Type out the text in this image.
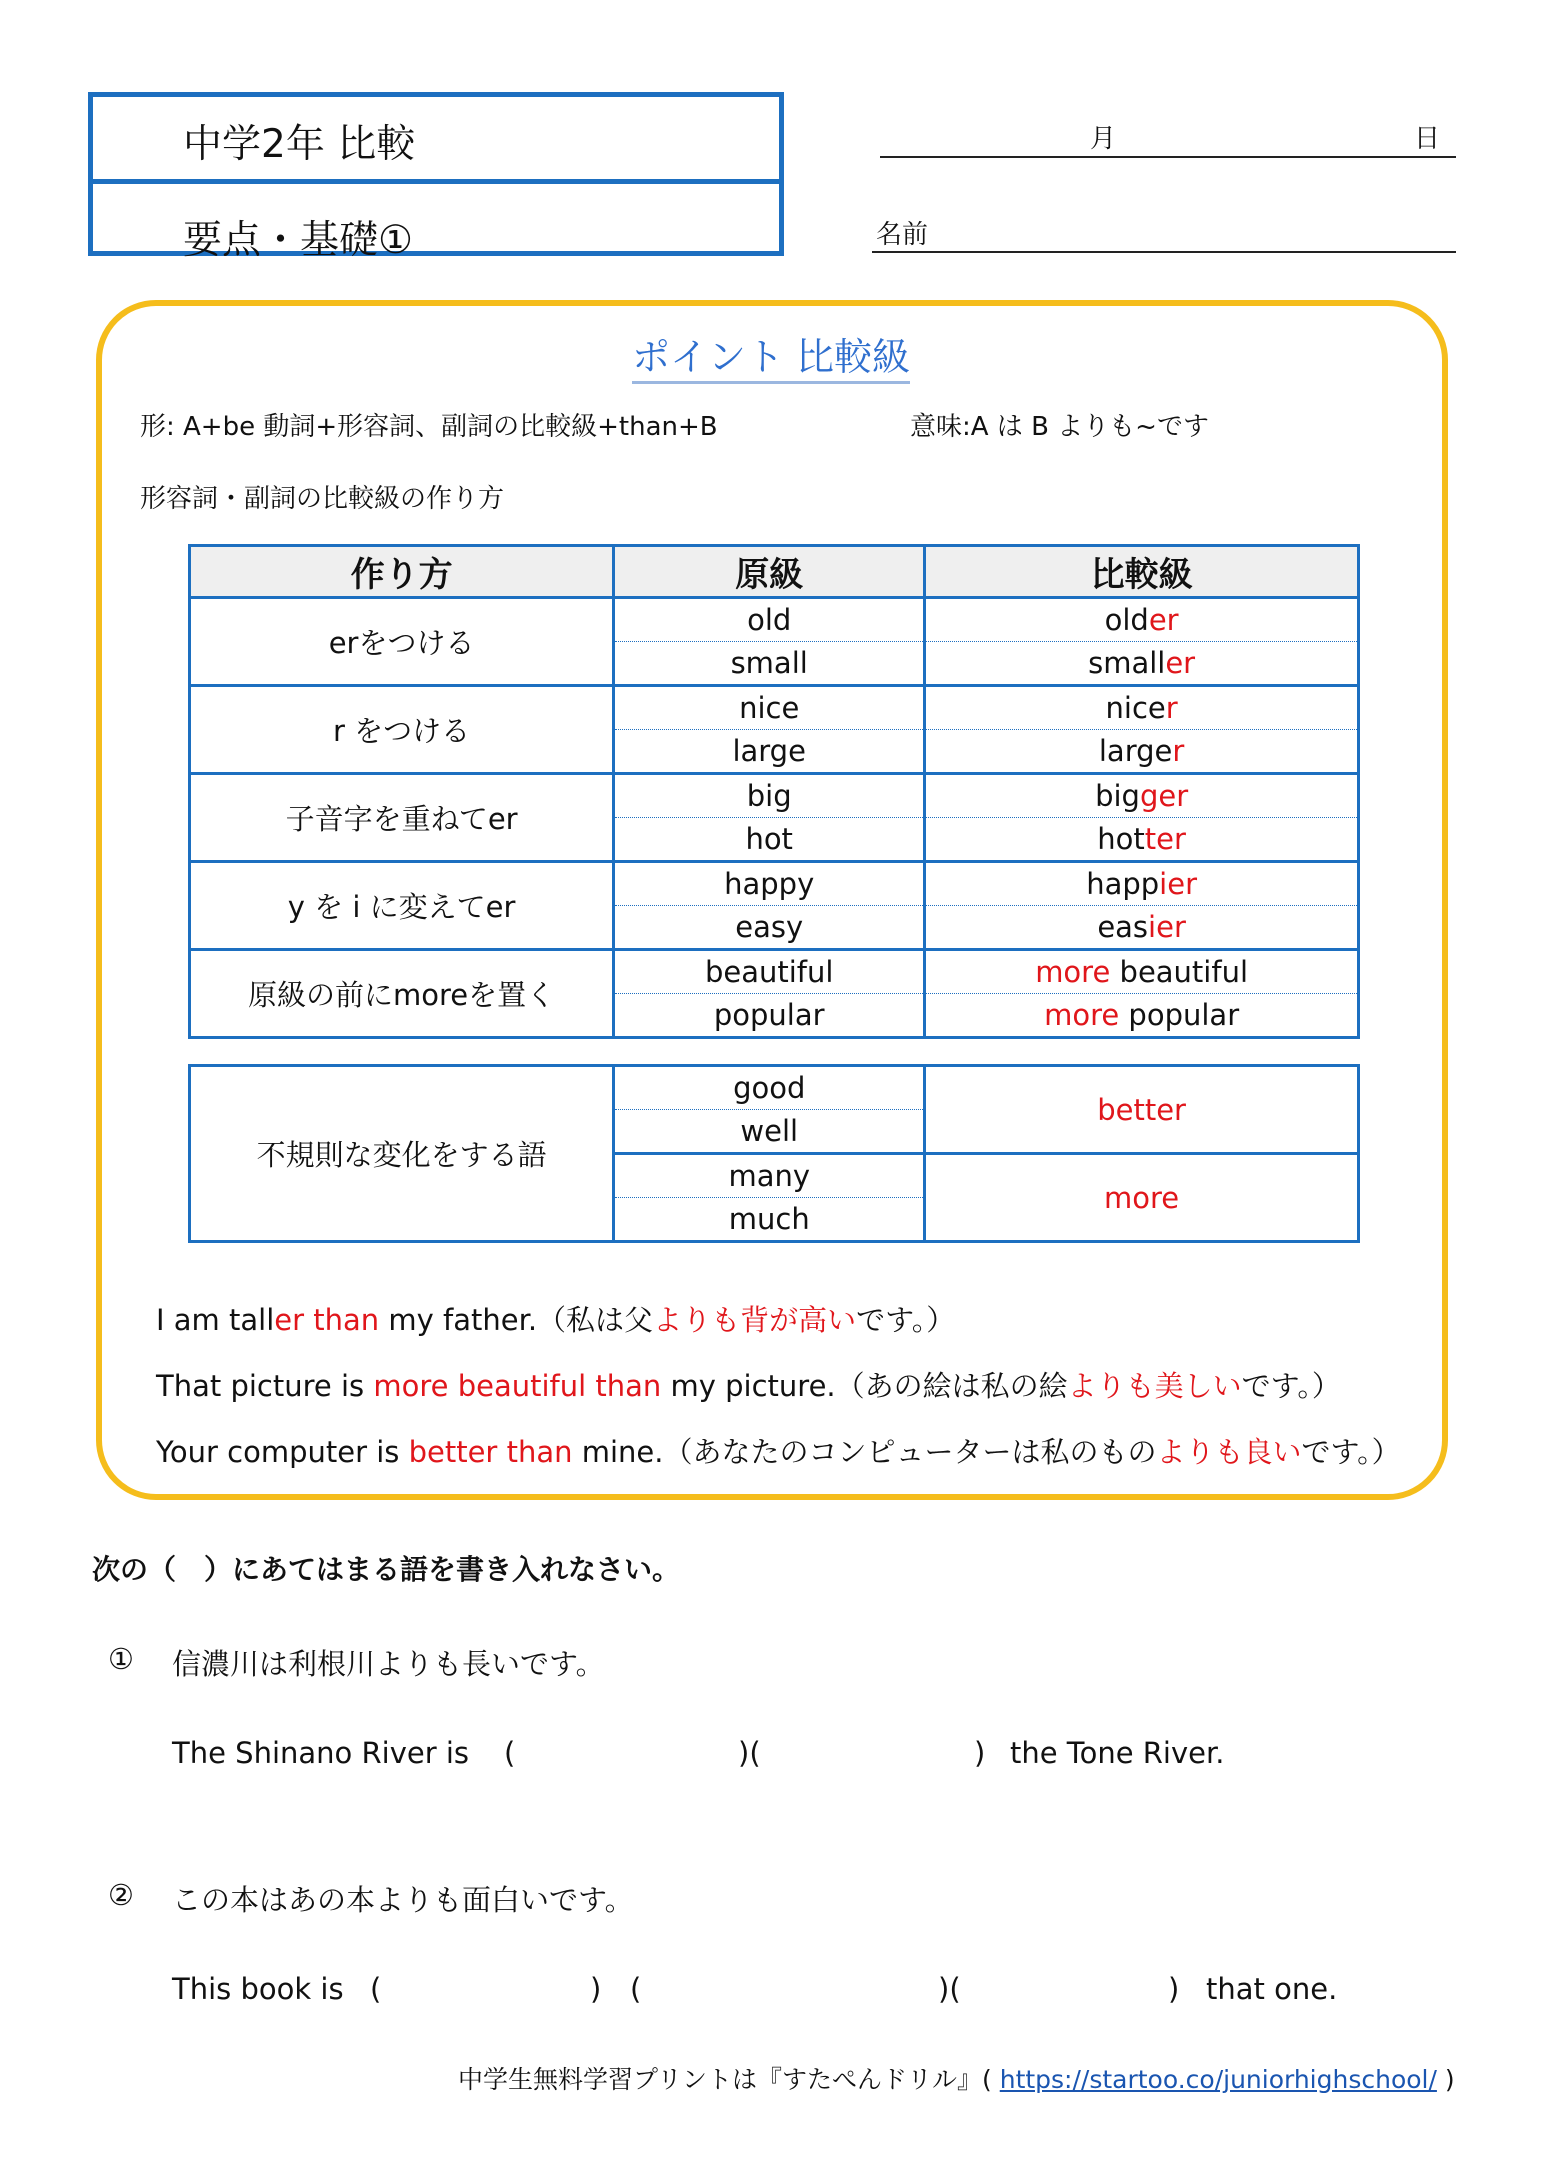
中学2年 比較
要点・基礎①
月	日
名前
ポイント 比較級
形: A+be 動詞+形容詞、副詞の比較級+than+B	意味:A は B よりも~です
形容詞・副詞の比較級の作り方
作り方	原級	比較級
erをつける	old	older
	small	smaller
r をつける	nice	nicer
	large	larger
子音字を重ねてer	big	bigger
	hot	hotter
y を i に変えてer	happy	happier
	easy	easier
原級の前にmoreを置く	beautiful	more beautiful
	popular	more popular
不規則な変化をする語	good	better
	well	
	many	more
	much	
I am taller than my father.（私は父よりも背が高いです。）
That picture is more beautiful than my picture.（あの絵は私の絵よりも美しいです。）
Your computer is better than mine.（あなたのコンピューターは私のものよりも良いです。）
次の（　）にあてはまる語を書き入れなさい。
① 信濃川は利根川よりも長いです。
The Shinano River is (	)(	) the Tone River.
② この本はあの本よりも面白いです。
This book is (	) (	)(	) that one.
中学生無料学習プリントは『すたぺんドリル』( https://startoo.co/juniorhighschool/ )
